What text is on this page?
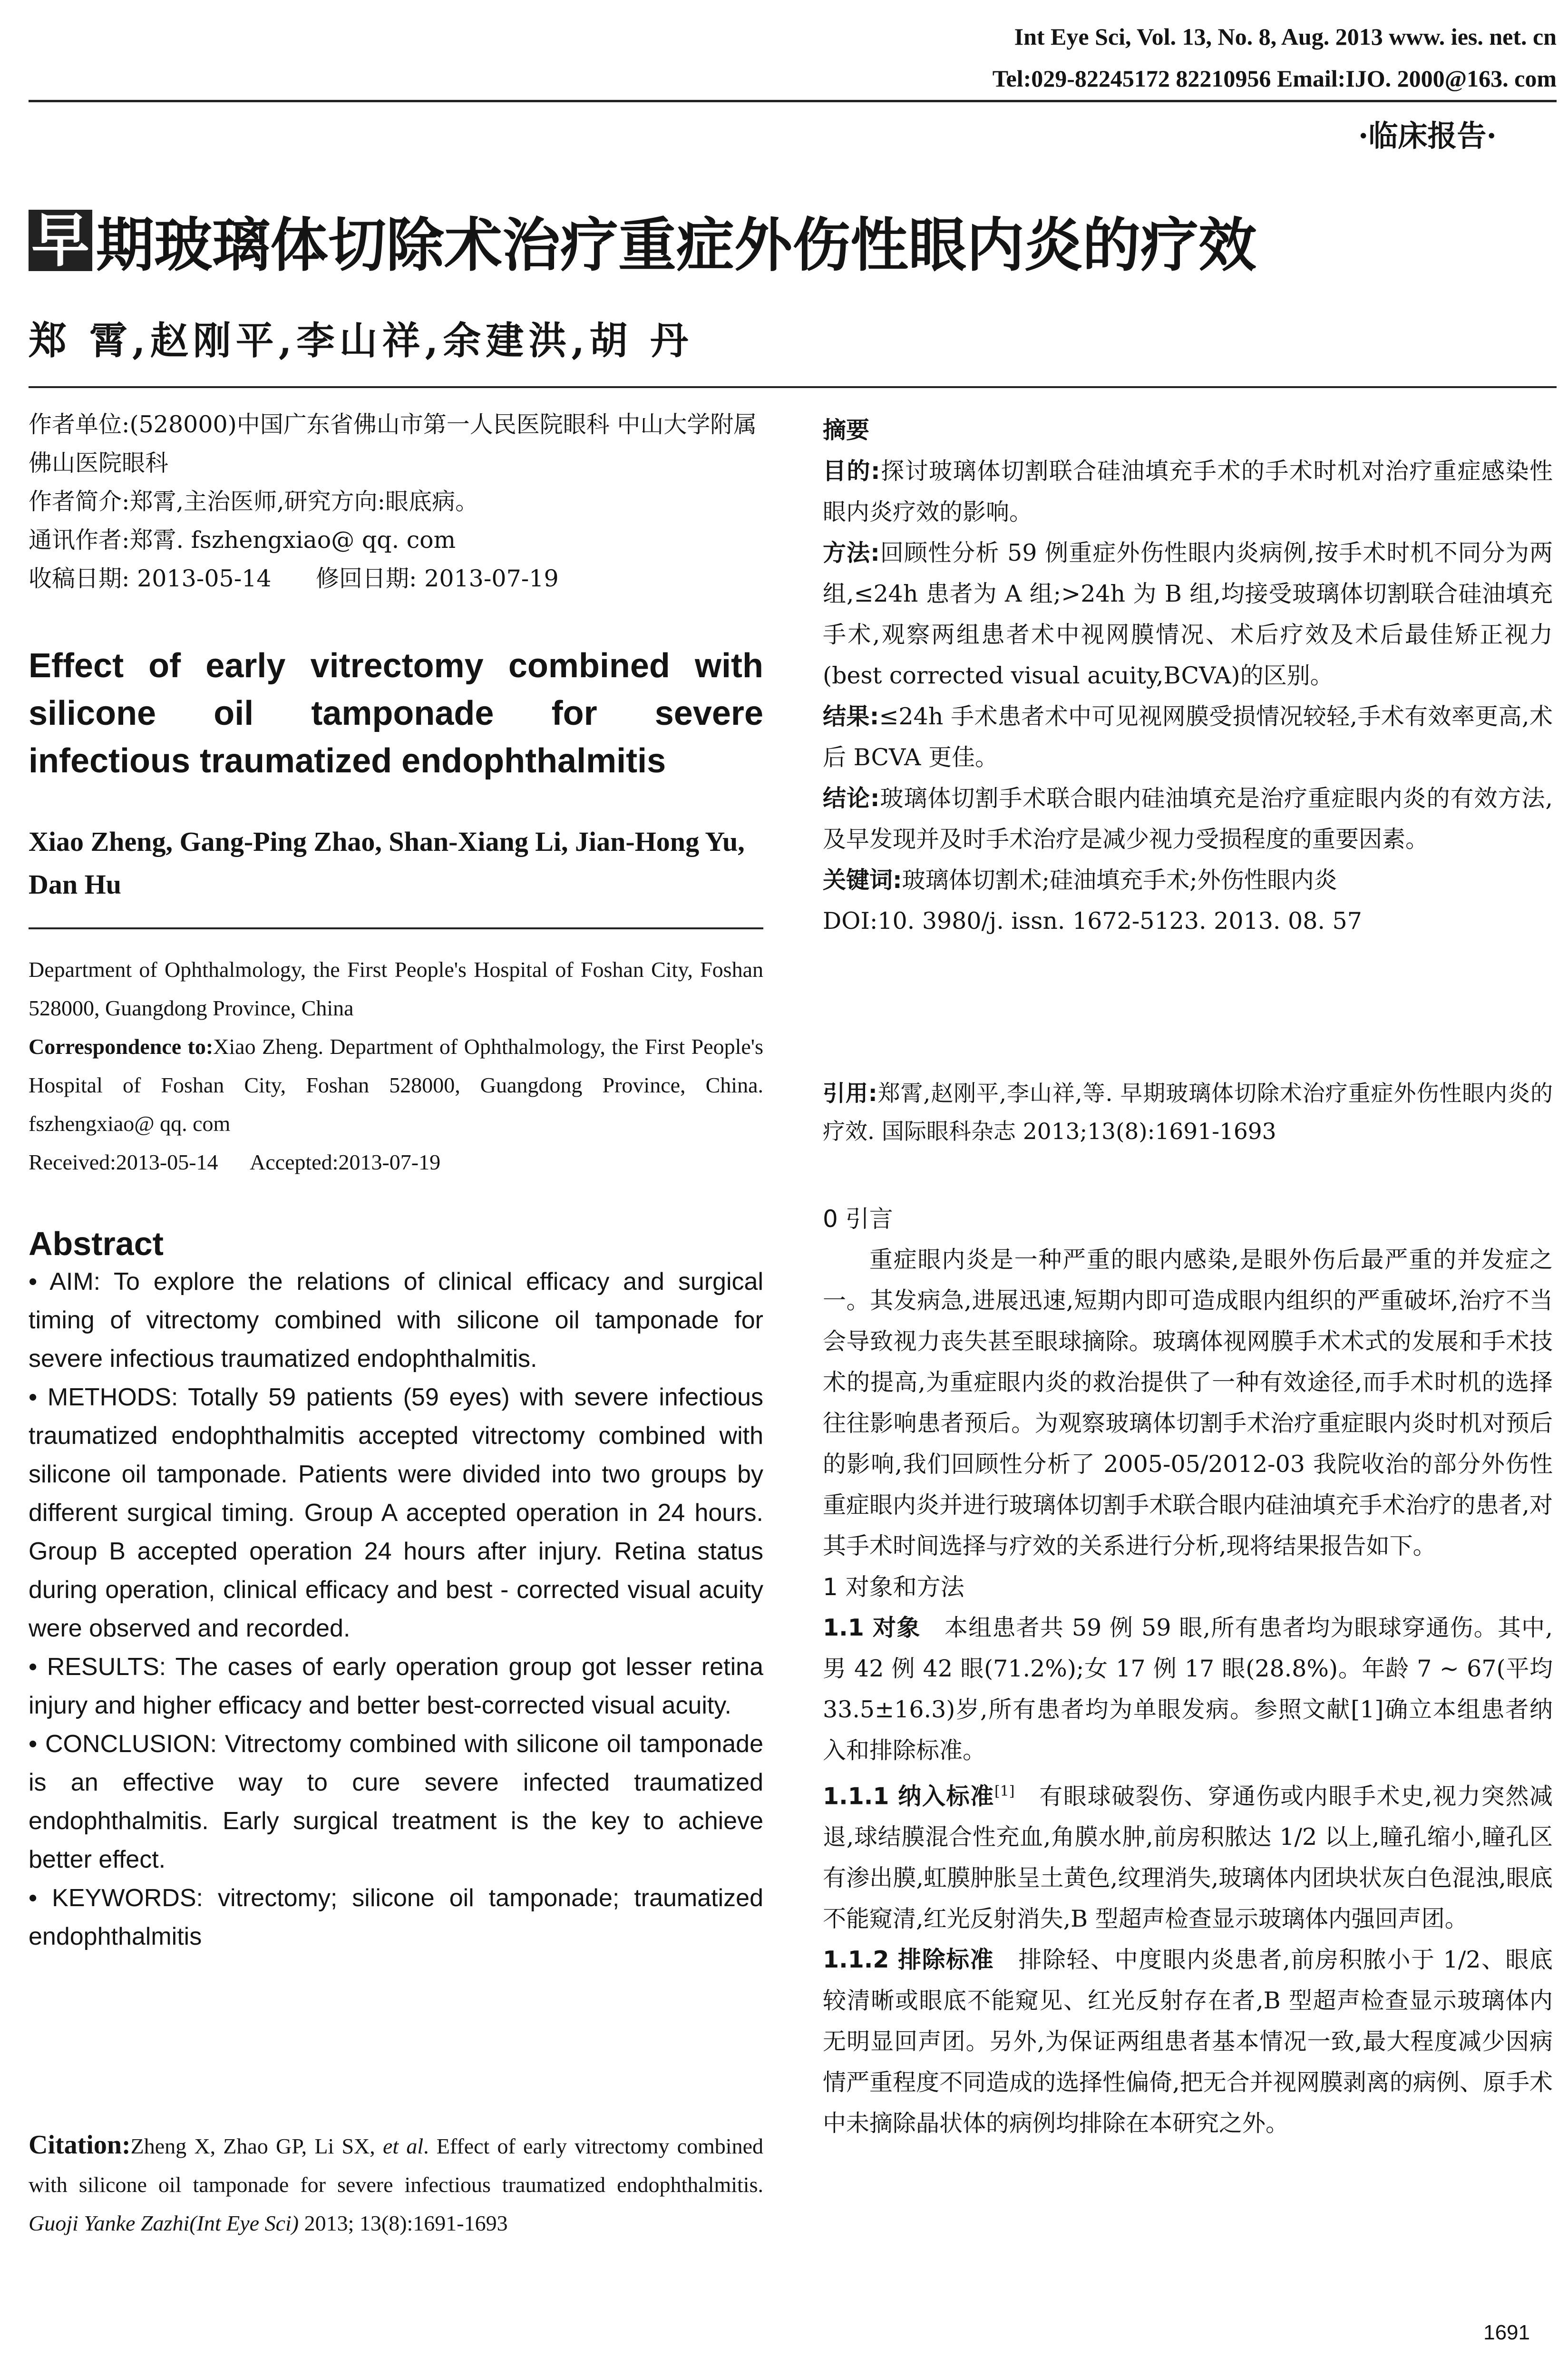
Int Eye Sci, Vol. 13, No. 8, Aug. 2013 www. ies. net. cn
Tel:029-82245172 82210956 Email:IJO. 2000@163. com
·临床报告·
早 期玻璃体切除术治疗重症外伤性眼内炎的疗效
郑 霄,赵刚平,李山祥,余建洪,胡 丹

作者单位:(528000)中国广东省佛山市第一人民医院眼科 中山大学附属佛山医院眼科

作者简介:郑霄,主治医师,研究方向:眼底病。

通讯作者:郑霄. fszhengxiao@ qq. com

收稿日期: 2013-05-14      修回日期: 2013-07-19

Effect of early vitrectomy combined with
silicone oil tamponade for severe
infectious traumatized endophthalmitis
Xiao Zheng, Gang-Ping Zhao, Shan-Xiang Li, Jian-Hong Yu, Dan Hu
Department of Ophthalmology, the First People's Hospital of Foshan City, Foshan 528000, Guangdong Province, China
Correspondence to:Xiao Zheng. Department of Ophthalmology, the First People's Hospital of Foshan City, Foshan 528000, Guangdong Province, China. fszhengxiao@ qq. com
Received:2013-05-14      Accepted:2013-07-19
Abstract

• AIM: To explore the relations of clinical efficacy and surgical timing of vitrectomy combined with silicone oil tamponade for severe infectious traumatized endophthalmitis.

• METHODS: Totally 59 patients (59 eyes) with severe infectious traumatized endophthalmitis accepted vitrectomy combined with silicone oil tamponade. Patients were divided into two groups by different surgical timing. Group A accepted operation in 24 hours. Group B accepted operation 24 hours after injury. Retina status during operation, clinical efficacy and best - corrected visual acuity were observed and recorded.

• RESULTS: The cases of early operation group got lesser retina injury and higher efficacy and better best-corrected visual acuity.

• CONCLUSION: Vitrectomy combined with silicone oil tamponade is an effective way to cure severe infected traumatized endophthalmitis. Early surgical treatment is the key to achieve better effect.

• KEYWORDS: vitrectomy; silicone oil tamponade; traumatized endophthalmitis

Citation:Zheng X, Zhao GP, Li SX, et al. Effect of early vitrectomy combined with silicone oil tamponade for severe infectious traumatized endophthalmitis. Guoji Yanke Zazhi(Int Eye Sci) 2013; 13(8):1691-1693

摘要

目的:探讨玻璃体切割联合硅油填充手术的手术时机对治疗重症感染性眼内炎疗效的影响。

方法:回顾性分析 59 例重症外伤性眼内炎病例,按手术时机不同分为两组,≤24h 患者为 A 组;>24h 为 B 组,均接受玻璃体切割联合硅油填充手术,观察两组患者术中视网膜情况、术后疗效及术后最佳矫正视力(best corrected visual acuity,BCVA)的区别。

结果:≤24h 手术患者术中可见视网膜受损情况较轻,手术有效率更高,术后 BCVA 更佳。

结论:玻璃体切割手术联合眼内硅油填充是治疗重症眼内炎的有效方法,及早发现并及时手术治疗是减少视力受损程度的重要因素。

关键词:玻璃体切割术;硅油填充手术;外伤性眼内炎

DOI:10. 3980/j. issn. 1672-5123. 2013. 08. 57

引用:郑霄,赵刚平,李山祥,等. 早期玻璃体切除术治疗重症外伤性眼内炎的疗效. 国际眼科杂志 2013;13(8):1691-1693

0 引言

重症眼内炎是一种严重的眼内感染,是眼外伤后最严重的并发症之一。其发病急,进展迅速,短期内即可造成眼内组织的严重破坏,治疗不当会导致视力丧失甚至眼球摘除。玻璃体视网膜手术术式的发展和手术技术的提高,为重症眼内炎的救治提供了一种有效途径,而手术时机的选择往往影响患者预后。为观察玻璃体切割手术治疗重症眼内炎时机对预后的影响,我们回顾性分析了 2005-05/2012-03 我院收治的部分外伤性重症眼内炎并进行玻璃体切割手术联合眼内硅油填充手术治疗的患者,对其手术时间选择与疗效的关系进行分析,现将结果报告如下。

1 对象和方法

1.1 对象 本组患者共 59 例 59 眼,所有患者均为眼球穿通伤。其中,男 42 例 42 眼(71.2%);女 17 例 17 眼(28.8%)。年龄 7 ~ 67(平均 33.5±16.3)岁,所有患者均为单眼发病。参照文献[1]确立本组患者纳入和排除标准。

1.1.1 纳入标准[1] 有眼球破裂伤、穿通伤或内眼手术史,视力突然减退,球结膜混合性充血,角膜水肿,前房积脓达 1/2 以上,瞳孔缩小,瞳孔区有渗出膜,虹膜肿胀呈土黄色,纹理消失,玻璃体内团块状灰白色混浊,眼底不能窥清,红光反射消失,B 型超声检查显示玻璃体内强回声团。

1.1.2 排除标准 排除轻、中度眼内炎患者,前房积脓小于 1/2、眼底较清晰或眼底不能窥见、红光反射存在者,B 型超声检查显示玻璃体内无明显回声团。另外,为保证两组患者基本情况一致,最大程度减少因病情严重程度不同造成的选择性偏倚,把无合并视网膜剥离的病例、原手术中未摘除晶状体的病例均排除在本研究之外。

1691
